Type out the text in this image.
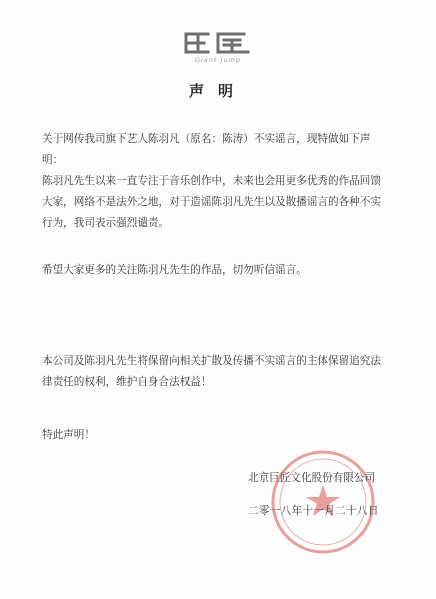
Giant Jump
声明
关于网传我司旗下艺人陈羽凡（原名：陈涛）不实谣言，现特做如下声明：
陈羽凡先生以来一直专注于音乐创作中，未来也会用更多优秀的作品回馈大家，网络不是法外之地，对于造谣陈羽凡先生以及散播谣言的各种不实行为，我司表示强烈谴责。
希望大家更多的关注陈羽凡先生的作品，切勿听信谣言。
本公司及陈羽凡先生将保留向相关扩散及传播不实谣言的主体保留追究法律责任的权利，维护自身合法权益！
特此声明！
北京巨匠文化股份有限公司
二零一八年十一月二十八日
